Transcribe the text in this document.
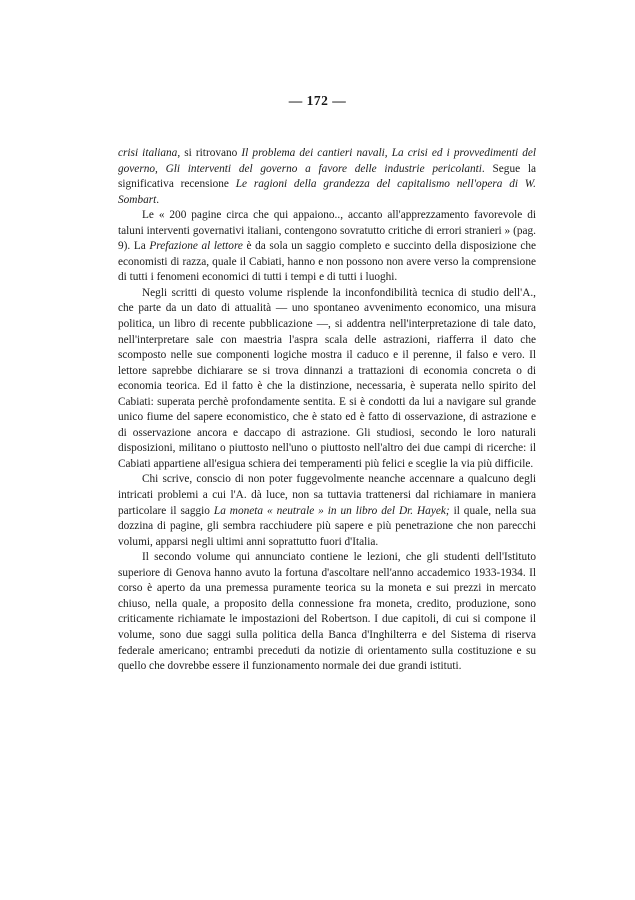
— 172 —

crisi italiana, si ritrovano Il problema dei cantieri navali, La crisi ed i provvedimenti del governo, Gli interventi del governo a favore delle industrie pericolanti. Segue la significativa recensione Le ragioni della grandezza del capitalismo nell'opera di W. Sombart.

Le « 200 pagine circa che qui appaiono.., accanto all'apprezzamento favorevole di taluni interventi governativi italiani, contengono sovratutto critiche di errori stranieri » (pag. 9). La Prefazione al lettore è da sola un saggio completo e succinto della disposizione che economisti di razza, quale il Cabiati, hanno e non possono non avere verso la comprensione di tutti i fenomeni economici di tutti i tempi e di tutti i luoghi.

Negli scritti di questo volume risplende la inconfondibilità tecnica di studio dell'A., che parte da un dato di attualità — uno spontaneo avvenimento economico, una misura politica, un libro di recente pubblicazione —, si addentra nell'interpretazione di tale dato, nell'interpretare sale con maestria l'aspra scala delle astrazioni, riafferra il dato che scomposto nelle sue componenti logiche mostra il caduco e il perenne, il falso e vero. Il lettore saprebbe dichiarare se si trova dinnanzi a trattazioni di economia concreta o di economia teorica. Ed il fatto è che la distinzione, necessaria, è superata nello spirito del Cabiati: superata perchè profondamente sentita. E si è condotti da lui a navigare sul grande unico fiume del sapere economistico, che è stato ed è fatto di osservazione, di astrazione e di osservazione ancora e daccapo di astrazione. Gli studiosi, secondo le loro naturali disposizioni, militano o piuttosto nell'uno o piuttosto nell'altro dei due campi di ricerche: il Cabiati appartiene all'esigua schiera dei temperamenti più felici e sceglie la via più difficile.

Chi scrive, conscio di non poter fuggevolmente neanche accennare a qualcuno degli intricati problemi a cui l'A. dà luce, non sa tuttavia trattenersi dal richiamare in maniera particolare il saggio La moneta « neutrale » in un libro del Dr. Hayek; il quale, nella sua dozzina di pagine, gli sembra racchiudere più sapere e più penetrazione che non parecchi volumi, apparsi negli ultimi anni soprattutto fuori d'Italia.

Il secondo volume qui annunciato contiene le lezioni, che gli studenti dell'Istituto superiore di Genova hanno avuto la fortuna d'ascoltare nell'anno accademico 1933-1934. Il corso è aperto da una premessa puramente teorica su la moneta e sui prezzi in mercato chiuso, nella quale, a proposito della connessione fra moneta, credito, produzione, sono criticamente richiamate le impostazioni del Robertson. I due capitoli, di cui si compone il volume, sono due saggi sulla politica della Banca d'Inghilterra e del Sistema di riserva federale americano; entrambi preceduti da notizie di orientamento sulla costituzione e su quello che dovrebbe essere il funzionamento normale dei due grandi istituti.
